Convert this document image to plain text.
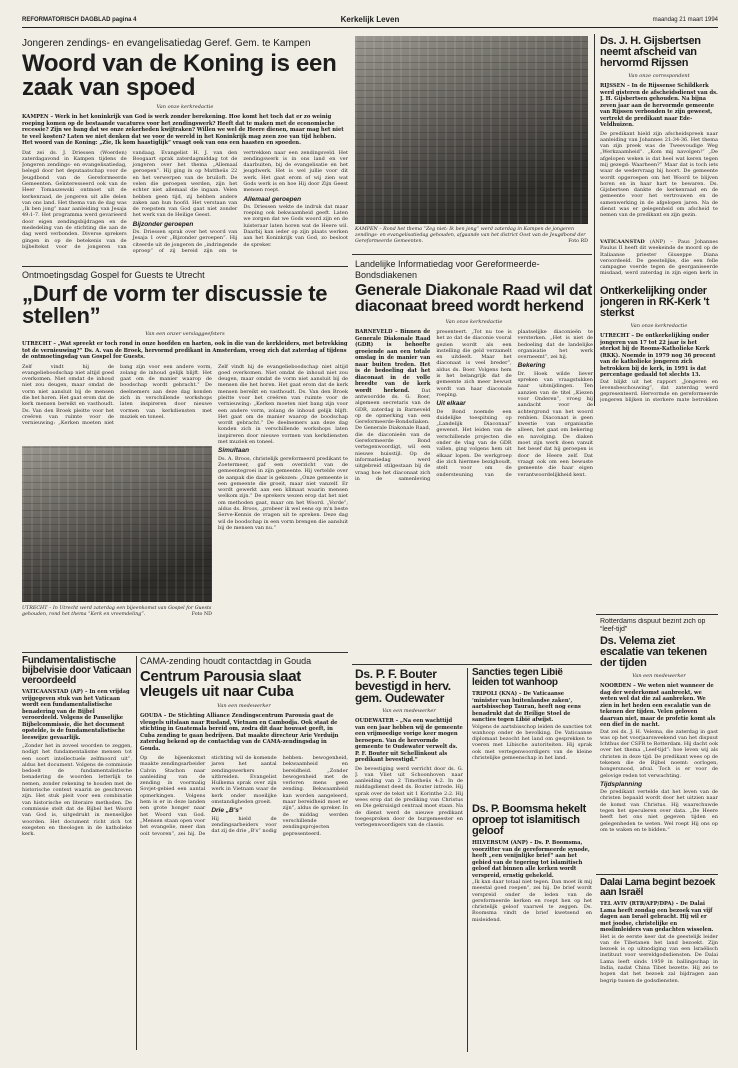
REFORMATORISCH DAGBLAD pagina 4	Kerkelijk Leven	maandag 21 maart 1994
Jongeren zendings- en evangelisatiedag Geref. Gem. te Kampen
Woord van de Koning is een zaak van spoed
Van onze kerkredactie
KAMPEN – Werk in het koninkrijk van God is werk zonder berekening. Hoe komt het toch dat er zo weinig roeping komen op de bestaande vacatures voor het zendingswerk? Heeft dat te maken met de economische recessie? Zijn we bang dat we onze zekerheden kwijtraken? Willen we wel de Heere dienen, maar mag het niet te veel kosten? Laten we niet denken dat we voor de wereld in het Koninkrijk mag zeen zoe van tijd hebben. Het woord van de Koning: „Zie, Ik kom haastiglijk” vraagt ook van ons een haasten en spoeden.
Dat zei ds. J. Driessen (Woerden) zaterdagavond in Kampen tijdens de Jongeren zendings- en evangelisatiedag, belegd door het deputaatschap voor de Jeugdbond van de Gereformeerde Gemeenten. Geïnteresseerd ook van de Heer Tomaszewski ontmoet uit de kerkenraad, de jongeren uit alle delen van ons land. Het thema van de dag was „Ik ben jong” naar aanleiding van Jesaja 49:1-7. Het programma werd gevarieerd door eigen zendingsbijdragen en de mededeling van de stichting die aan de dag werd verbonden. Diverse sprekers gingen in op de betekenis van de bijbeltekst voor de jongeren van vandaag. Evangelist H. J. van den Boogaart sprak zaterdagmiddag tot de jongeren over het thema „Allemaal geroepen”. Hij ging in op Mattheüs 22 en het verwerpen van de bruiloft. De velen die geroepen werden, zijn het echter niet allemaal die ingaan. Velen hebben geen tijd, zij hebben andere zaken aan hun hoofd. Het verstaan van de roepstem van God gaat niet zonder het werk van de Heilige Geest.
Bijzonder geroepen
Ds. Driessen sprak over het woord van Jesaja 1 over „Bijzonder geroepen”. Hij citeerde uit de jongeren de „indringende oproep” of zij bereid zijn om te vertrekken naar een zendingsveld. Het zendingswerk is in ons land en ver daarbuiten, bij de evangelisatie en het jeugdwerk. Het is wel jullie voor dit werk. Het gaat erom of wij zien wat Gods werk is en hoe Hij door Zijn Geest mensen roept.
Allemaal geroepen
Ds. Driessen wekte de indruk dat maar roeping ook bekwaamheid geeft. Laten we zorgen dat we Gods woord zijn en de luisteraar laten horen wat de Heere wil. Daarbij kan ieder op zijn plaats werken aan het Koninkrijk van God, zo besloot de spreker.
KAMPEN – Rond het thema “Zeg niet: Ik ben jong” werd zaterdag in Kampen de jongeren zendings- en evangelisatiedag gehouden, afgaande van het district Oost van de Jeugdbond der Gereformeerde Gemeenten.	Foto RD
Ds. J. H. Gijsbertsen neemt afscheid van hervormd Rijssen
Van onze correspondent
RIJSSEN – In de Rijssense Schildkerk werd gisteren de afscheidsdienst van ds. J. H. Gijsbertsen gehouden. Na bijna zeven jaar aan de hervormde gemeente van Rijssen verbonden te zijn geweest, vertrekt de predikant naar Ede-Veldhuizen.
De predikant hield zijn afscheidspreek naar aanleiding van Johannes 21:34-36. Het thema van zijn preek was de Tweevoudige Weg „Werkzaamheid”. „Kom mij navolgen!” „De afgelopen weken is dat heel wat keren tegen mij gezegd: Waarheen?” Maar dat is toch iets waar de wedervraag bij hoort. De gemeente wordt opgeroepen om het Woord te blijven horen en in haar hart te bewaren. Ds. Gijsbertsen dankte de kerkenraad en de gemeente voor het vertrouwen en de samenwerking in de afgelopen jaren. Na de dienst was er gelegenheid om afscheid te nemen van de predikant en zijn gezin.
VATICAANSTAD (ANP) – Paus Johannes Paulus II heeft dit weekeinde de moord op de Italiaanse priester Giuseppe Diana veroordeeld. De geestelijke, die een felle campagne voerde tegen de georganiseerde misdaad, werd zaterdag in zijn eigen kerk in
Ontkerkelijking onder jongeren in RK-Kerk 't sterkst
Van onze kerkredactie
UTRECHT – De ontkerkelijking onder jongeren van 17 tot 22 jaar is het sterkst bij de Rooms-Katholieke Kerk (RKK). Noemde in 1979 nog 36 procent van de katholieke jongeren zich betrokken bij de kerk, in 1991 is dat percentage gedaald tot slechts 13.
Dat blijkt uit het rapport „Jongeren en levensbeschouwing”, dat zaterdag werd gepresenteerd. Hervormde en gereformeerde jongeren blijken in sterkere mate betrokken
Landelijke Informatiedag voor Gereformeerde-Bondsdiakenen
Generale Diakonale Raad wil dat diaconaat breed wordt herkend
Van onze kerkredactie
BARNEVELD – Binnen de Generale Diakonale Raad (GDR) is behoefte groeiende aan een totale omslag in de manier van naar buiten treden. Het is de bedoeling dat het diaconaat in de volle breedte van de kerk wordt herkend. Dat antwoordde ds. G. Boer, algemeen secretaris van de GDR, zaterdag in Barneveld op de opmerking van een Gereformeerde-Bondsdiaken. De Generale Diakonale Raad, die de diaconieën van de Gereformeerde Bond vertegenwoordigt, wil een nieuwe huisstijl. Op de informatiedag werd uitgebreid stilgestaan bij de vraag hoe het diaconaat zich in de samenleving presenteert. „Tot nu toe is het zo dat de diaconie vooral gezien wordt als een instelling die geld verzamelt en uitdeelt. Maar het diaconaat is veel breder”, aldus ds. Boer. Volgens hem is het belangrijk dat de gemeente zich meer bewust wordt van haar diaconale roeping.
Uit elkaar
De Bond noemde een duidelijke toespitsing op „Landelijk Diaconaal” gewenst. Het leiden van de verschillende projecten die onder de vlag van de GDR vallen, ging volgens hem uit elkaar lopen. De werkgroep die zich hiermee bezighoudt, stelt voor om de ondersteuning van de plaatselijke diaconieën te versterken. „Het is niet de bedoeling dat de landelijke organisatie het werk overneemt”, zei hij.
Bekering
Dr. Hoek wilde liever spreken van vraagstukken naar uitsnijdingen. Ten aanzien van de titel „Kiezen voor Onderen”, vroeg hij aandacht voor de achtergrond van het woord renbien. Diaconaat is geen kwestie van organisatie alleen, het gaat om bekering en navolging. De diaken moet zijn werk doen vanuit het besef dat hij geroepen is door de Heere zelf. Dat vraagt ook om een bewuste gemeente die haar eigen verantwoordelijkheid kent.
Ontmoetingsdag Gospel for Guests te Utrecht
„Durf de vorm ter discussie te stellen”
Van een onzer verslaggeefsters
UTRECHT – „Wat spreekt er toch rond in onze hoofden en harten, ook in die van de kerkleiders, met betrekking tot de vernieuwing?” Ds. A. van de Broek, hervormd predikant in Amsterdam, vroeg zich dat zaterdag af tijdens de ontmoetingsdag van Gospel for Guests.
Zelf vindt hij de evangelieboodschap niet altijd goed overkomen. Niet omdat de inhoud niet zou deugen, maar omdat de vorm niet aansluit bij de mensen die het horen. Het gaat erom dat de kerk mensen bereikt en vasthoudt. Ds. Van den Broek pleitte voor het creëren van ruimte voor de vernieuwing: „Kerken moeten niet bang zijn voor een andere vorm, zolang de inhoud gelijk blijft. Het gaat om de manier waarop de boodschap wordt gebracht.” De deelnemers aan deze dag konden zich in verschillende workshops laten inspireren door nieuwe vormen van kerkdiensten met muziek en toneel.
Zelf vindt hij de evangelieboodschap niet altijd goed overkomen. Niet omdat de inhoud niet zou deugen, maar omdat de vorm niet aansluit bij de mensen die het horen. Het gaat erom dat de kerk mensen bereikt en vasthoudt. Ds. Van den Broek pleitte voor het creëren van ruimte voor de vernieuwing: „Kerken moeten niet bang zijn voor een andere vorm, zolang de inhoud gelijk blijft. Het gaat om de manier waarop de boodschap wordt gebracht.” De deelnemers aan deze dag konden zich in verschillende workshops laten inspireren door nieuwe vormen van kerkdiensten met muziek en toneel.
Simultaan
Ds. A. Broos, christelijk gereformeerd predikant te Zoetermeer, gaf een overzicht van de gemeentegroei in zijn gemeente. Hij vertelde over de aanpak die daar is gekozen: „Onze gemeente is een gemeente die groeit, maar niet vanzelf. Er wordt gewerkt aan een klimaat waarin mensen welkom zijn.” De sprekers wezen erop dat het niet om methoden gaat, maar om het Woord. „Vorde”, aldus ds. Broos, „probeer ik wel eens op m'n beste Serve-Kennis de vragen uit te spreken. Deze dag wil de boodschap in een vorm brengen die aansluit bij de mensen van nu.”
UTRECHT – In Utrecht werd zaterdag een bijeenkomst van Gospel for Guests gehouden, rond het thema “Kerk en vreemdeling”.	Foto ND
Fundamentalistische bijbelvisie door Vaticaan veroordeeld
VATICAANSTAD (AP) – In een vrijdag vrijgegeven stuk van het Vaticaan wordt een fundamentalistische benadering van de Bijbel veroordeeld. Volgens de Pauselijke Bijbelcommissie, die het document opstelde, is de fundamentalistische leeswijze gevaarlijk.
„Zonder het in zoveel woorden te zeggen, nodigt het fundamentalisme mensen tot een soort intellectuele zelfmoord uit”, aldus het document. Volgens de commissie bedoelt de fundamentalistische benadering de woorden letterlijk te nemen, zonder rekening te houden met de historische context waarin ze geschreven zijn. Het stuk pleit voor een combinatie van historische en literaire methoden. De commissie stelt dat de Bijbel het Woord van God is, uitgedrukt in menselijke woorden. Het document richt zich tot exegeten en theologen in de katholieke kerk.
CAMA-zending houdt contactdag in Gouda
Centrum Parousia slaat vleugels uit naar Cuba
Van een medewerker
GOUDA – De Stichting Alliance Zendingscentrum Parousia gaat de vleugels uitslaan naar Rusland, Vietnam en Cambodja. Ook staat de stichting in Guatemala bereid om, zodra dit daar houvast geeft, in Cuba zending te gaan bedrijven. Dat maakte directeur Arie Verduijn zaterdag bekend op de contactdag van de CAMA-zendingsdag in Gouda.
Op de bijeenkomst maakte zendingsarbeider Calvin Stachon naar aanleiding van de zending in voormalig Sovjet-gebied een aantal opmerkingen. Volgens hem is er in deze landen een grote honger naar het Woord van God. „Mensen staan open voor het evangelie, meer dan ooit tevoren”, zei hij. De stichting wil de komende jaren het aantal zendingswerkers uitbreiden. Evangelist Hulkema sprak over zijn werk in Vietnam waar de kerk onder moeilijke omstandigheden groeit.
Drie „B's”
Hij hield de zendingsarbeiders voor dat zij de drie „B's” nodig hebben: bewogenheid, bekwaamheid en bereidheid. „Zonder bewogenheid met de verloren mens geen zending. Bekwaamheid kan worden aangeleerd, maar bereidheid moet er zijn”, aldus de spreker. In de middag werden verschillende zendingsprojecten gepresenteerd.
Ds. P. F. Bouter bevestigd in herv. gem. Oudewater
Van een medewerker
OUDEWATER – „Na een wachttijd van een jaar hebben wij de gemeente een vrijmoedige vorige keer mogen beroepen. Van de hervormde gemeente te Oudewater verwelt ds. P. F. Bouter uit Schellinkout als predikant bevestigd.”
De bevestiging werd verricht door ds. G. J. van Vliet uit Schoonhoven naar aanleiding van 2 Timotheüs 4:2. In de middagdienst deed ds. Bouter intrede. Hij sprak over de tekst uit 1 Korinthe 2:2. Hij wees erop dat de prediking van Christus en Die gekruisigd centraal moet staan. Na de dienst werd de nieuwe predikant toegesproken door de burgemeester en vertegenwoordigers van de classis.
Sancties tegen Libië leiden tot wanhoop
TRIPOLI (KNA) – De Vaticaanse ‘minister van buitenlandse zaken’, aartsbisschop Tauran, heeft nog eens benadrukt dat de Heilige Stoel de sancties tegen Libië afwijst.
Volgens de aartsbisschop leiden de sancties tot wanhoop onder de bevolking. De Vaticaanse diplomaat bezocht het land om gesprekken te voeren met Libische autoriteiten. Hij sprak ook met vertegenwoordigers van de kleine christelijke gemeenschap in het land.
Ds. P. Boomsma hekelt oproep tot islamitisch geloof
HILVERSUM (ANP) – Ds. P. Boomsma, voorzitter van de gereformeerde synode, heeft „een venijnlijke brief” aan het gebied van de tegering tot islamitisch geloof dat binnen alle kerken wordt verspreid, ernstig gehekeld.
„Ik kan daar totaal niet tegen. Dan moet ik mij meestal goed roepen”, zei hij. De brief wordt verspreid onder de leden van de gereformeerde kerken en roept hen op het christelijk geloof vaarwel te zeggen. Ds. Boomsma vindt de brief kwetsend en misleidend.
Rotterdams dispuut bezint zich op “leef-tijd”
Ds. Velema ziet escalatie van tekenen der tijden
Van een medewerker
NOORDEN – We weten niet wanneer de dag der wederkomst aanbreekt, we weten wel dat die zal aanbreken. We zien in het heden een escalatie van de tekenen der tijden. Velen geloven daarvan niet, maar de profetie komt als een dief in de nacht.
Dat zei ds. J. H. Velema, die zaterdag in gast was op het voorjaarsweekend van het dispuut Ichthus der CSFR te Rotterdam. Hij dacht ook over het thema „Leef-tijd”: hoe leven wij als christen in deze tijd. De predikant wees op de tekenen die de Bijbel noemt: oorlogen, hongersnood, afval. Toch is er voor de gelovige reden tot verwachting.
Tijdsplanning
De predikant vertelde dat het leven van de christen bepaald wordt door het uitzien naar de komst van Christus. Hij waarschuwde tegen het speculeren over data. „De Heere heeft het ons niet gegeven tijden en gelegenheden te weten. Wel roept Hij ons op om te waken en te bidden.”
Dalai Lama begint bezoek aan Israël
TEL AVIV (RTR/AFP/DPA) – De Dalai Lama heeft zondag een bezoek van vijf dagen aan Israël gebracht. Hij wil er met joodse, christelijke en moslimleiders van gedachten wisselen.
Het is de eerste keer dat de geestelijk leider van de Tibetanen het land bezoekt. Zijn bezoek is op uitnodiging van een Israëlisch instituut voor wereldgodsdiensten. De Dalai Lama leeft sinds 1959 in ballingschap in India, nadat China Tibet bezette. Hij zei te hopen dat het bezoek zal bijdragen aan begrip tussen de godsdiensten.
